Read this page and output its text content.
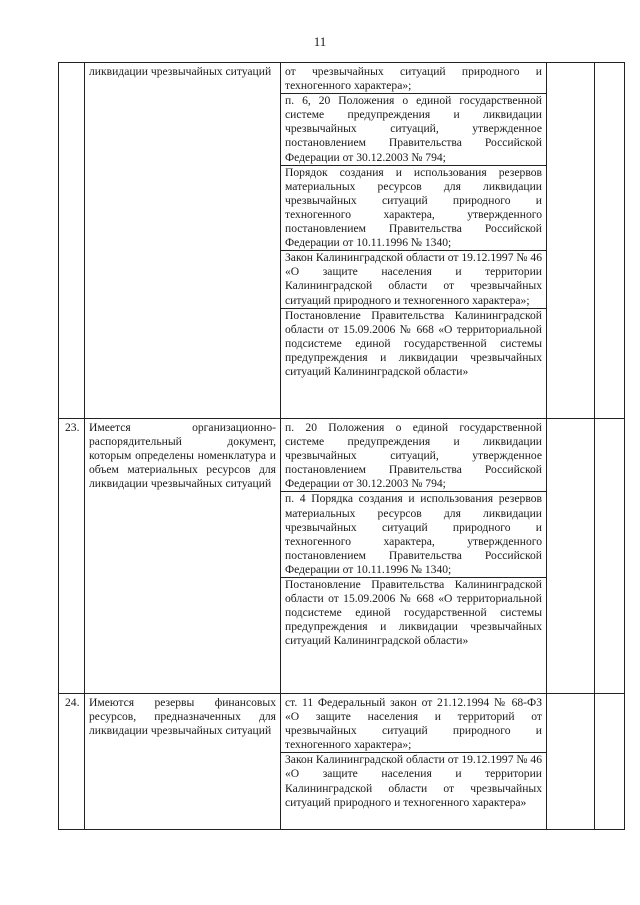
11
	ликвидации чрезвычайных ситуаций	от чрезвычайных ситуаций природного и техногенного характера»;
п. 6, 20 Положения о единой государственной системе предупреждения и ликвидации чрезвычайных ситуаций, утвержденное постановлением Правительства Российской Федерации от 30.12.2003 № 794;
Порядок создания и использования резервов материальных ресурсов для ликвидации чрезвычайных ситуаций природного и техногенного характера, утвержденного постановлением Правительства Российской Федерации от 10.11.1996 № 1340;
Закон Калининградской области от 19.12.1997 № 46 «О защите населения и территории Калининградской области от чрезвычайных ситуаций природного и техногенного характера»;
Постановление Правительства Калининградской области от 15.09.2006 № 668 «О территориальной подсистеме единой государственной системы предупреждения и ликвидации чрезвычайных ситуаций Калининградской области»		

23.	Имеется организационно-распорядительный документ, которым определены номенклатура и объем материальных ресурсов для ликвидации чрезвычайных ситуаций	п. 20 Положения о единой государственной системе предупреждения и ликвидации чрезвычайных ситуаций, утвержденное постановлением Правительства Российской Федерации от 30.12.2003 № 794;
п. 4 Порядка создания и использования резервов материальных ресурсов для ликвидации чрезвычайных ситуаций природного и техногенного характера, утвержденного постановлением Правительства Российской Федерации от 10.11.1996 № 1340;
Постановление Правительства Калининградской области от 15.09.2006 № 668 «О территориальной подсистеме единой государственной системы предупреждения и ликвидации чрезвычайных ситуаций Калининградской области»		

24.	Имеются резервы финансовых ресурсов, предназначенных для ликвидации чрезвычайных ситуаций	ст. 11 Федеральный закон от 21.12.1994 № 68-ФЗ «О защите населения и территорий от чрезвычайных ситуаций природного и техногенного характера»;
Закон Калининградской области от 19.12.1997 № 46 «О защите населения и территории Калининградской области от чрезвычайных ситуаций природного и техногенного характера»		
